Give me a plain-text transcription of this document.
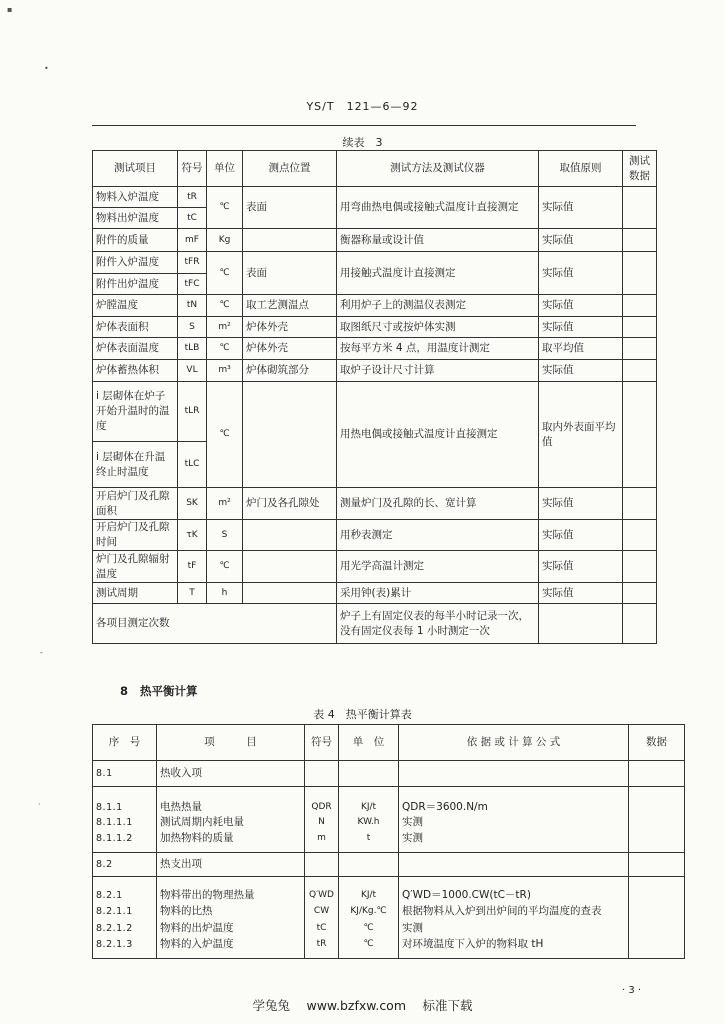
YS/T　121—6—92
续表　3
测试项目	符号	单位	测点位置	测试方法及测试仪器	取值原则	测试数据
物料入炉温度	tR	℃	表面	用弯曲热电偶或接触式温度计直接测定	实际值	
物料出炉温度	tC					
附件的质量	mF	Kg		衡器称量或设计值	实际值	
附件入炉温度	tFR	℃	表面	用接触式温度计直接测定	实际值	
附件出炉温度	tFC					
炉膛温度	tN	℃	取工艺测温点	利用炉子上的测温仪表测定	实际值	
炉体表面积	S	m²	炉体外壳	取图纸尺寸或按炉体实测	实际值	
炉体表面温度	tLB	℃	炉体外壳	按每平方米 4 点，用温度计测定	取平均值	
炉体蓄热体积	VL	m³	炉体砌筑部分	取炉子设计尺寸计算	实际值	
i 层砌体在炉子开始升温时的温度	tLR	℃		用热电偶或接触式温度计直接测定	取内外表面平均值	
i 层砌体在升温终止时温度	tLC					
开启炉门及孔隙面积	SK	m²	炉门及各孔隙处	测量炉门及孔隙的长、宽计算	实际值	
开启炉门及孔隙时间	τK	S		用秒表测定	实际值	
炉门及孔隙辐射温度	tF	℃		用光学高温计测定	实际值	
测试周期	T	h		采用钟(表)累计	实际值	
各项目测定次数				炉子上有固定仪表的每半小时记录一次，没有固定仪表每 1 小时测定一次		
8 热平衡计算
表 4　热平衡计算表
序　号	项　　　目	符号	单　位	依 据 或 计 算 公 式	数据
8.1	热收入项				
8.1.1	电热热量	QDR	KJ/t	QDR＝3600.N/m	
8.1.1.1	测试周期内耗电量	N	KW.h	实测	
8.1.1.2	加热物料的质量	m	t	实测	
8.2	热支出项				
8.2.1	物料带出的物理热量	Q′WD	KJ/t	Q′WD＝1000.CW(tC－tR)	
8.2.1.1	物料的比热	CW	KJ/Kg.℃	根据物料从入炉到出炉间的平均温度的查表	
8.2.1.2	物料的出炉温度	tC	℃	实测	
8.2.1.3	物料的入炉温度	tR	℃	对环境温度下入炉的物料取 tH	
· 3 ·
学兔兔　 www.bzfxw.com　 标准下载
▪
•
-
·
